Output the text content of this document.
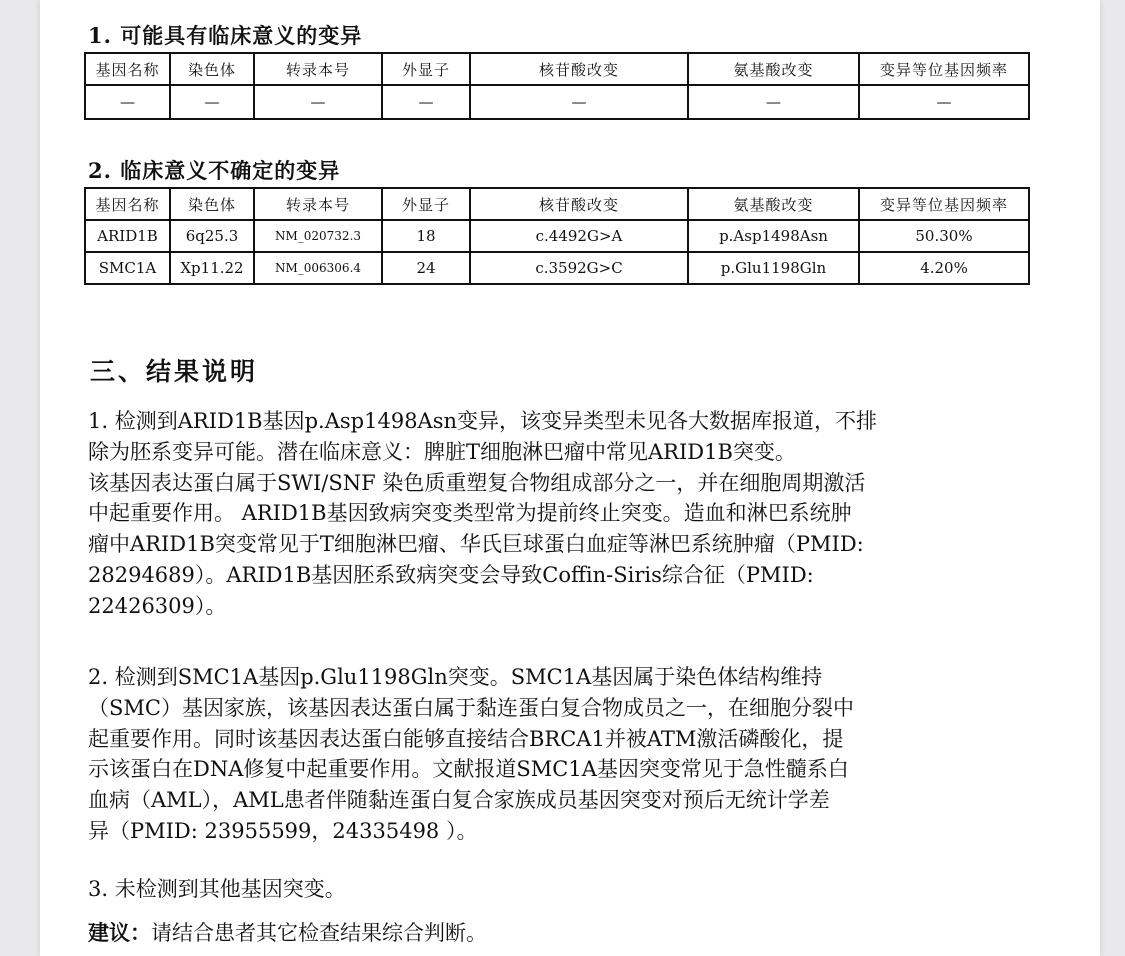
1. 可能具有临床意义的变异
基因名称	染色体	转录本号	外显子	核苷酸改变	氨基酸改变	变异等位基因频率
—	—	—	—	—	—	—
2. 临床意义不确定的变异
基因名称	染色体	转录本号	外显子	核苷酸改变	氨基酸改变	变异等位基因频率
ARID1B	6q25.3	NM_020732.3	18	c.4492G>A	p.Asp1498Asn	50.30%
SMC1A	Xp11.22	NM_006306.4	24	c.3592G>C	p.Glu1198Gln	4.20%
三、结果说明

1. 检测到ARID1B基因p.Asp1498Asn变异，该变异类型未见各大数据库报道，不排

除为胚系变异可能。潜在临床意义：脾脏T细胞淋巴瘤中常见ARID1B突变。

该基因表达蛋白属于SWI/SNF 染色质重塑复合物组成部分之一，并在细胞周期激活

中起重要作用。 ARID1B基因致病突变类型常为提前终止突变。造血和淋巴系统肿

瘤中ARID1B突变常见于T细胞淋巴瘤、华氏巨球蛋白血症等淋巴系统肿瘤（PMID:

28294689）。ARID1B基因胚系致病突变会导致Coffin-Siris综合征（PMID:

22426309）。

2. 检测到SMC1A基因p.Glu1198Gln突变。SMC1A基因属于染色体结构维持

（SMC）基因家族，该基因表达蛋白属于黏连蛋白复合物成员之一，在细胞分裂中

起重要作用。同时该基因表达蛋白能够直接结合BRCA1并被ATM激活磷酸化，提

示该蛋白在DNA修复中起重要作用。文献报道SMC1A基因突变常见于急性髓系白

血病（AML），AML患者伴随黏连蛋白复合家族成员基因突变对预后无统计学差

异（PMID: 23955599，24335498 ）。

3. 未检测到其他基因突变。

建议：请结合患者其它检查结果综合判断。
